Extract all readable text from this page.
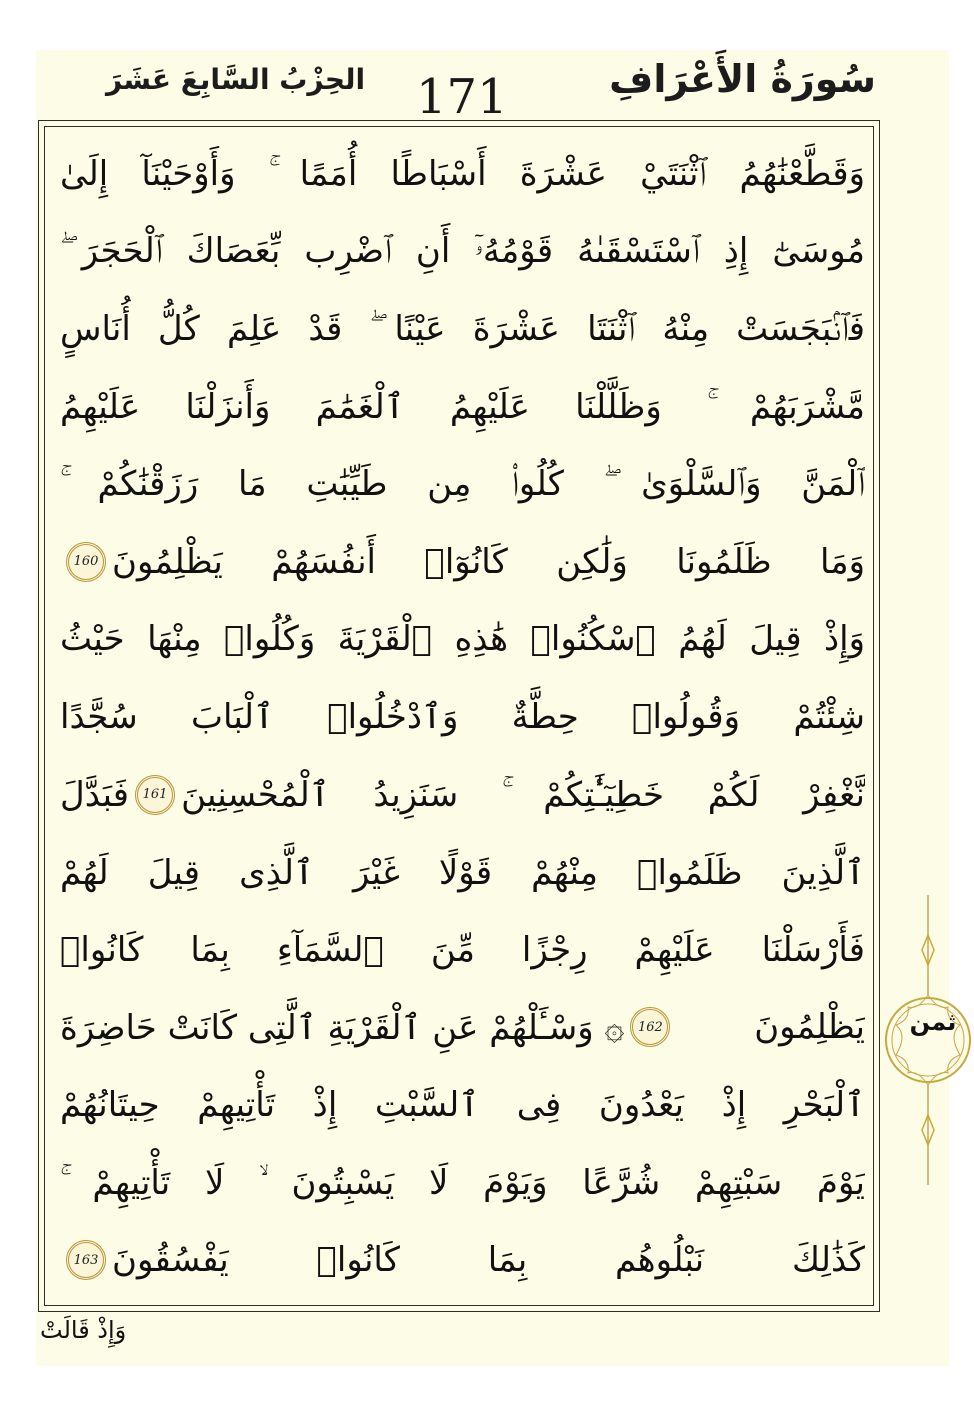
سُورَةُ الأَعْرَافِ
171
الحِزْبُ السَّابِعَ عَشَرَ
وَقَطَّعْنَٰهُمُ ٱثْنَتَيْ عَشْرَةَ أَسْبَاطًا أُمَمًا ۚ وَأَوْحَيْنَآ إِلَىٰ
مُوسَىٰٓ إِذِ ٱسْتَسْقَىٰهُ قَوْمُهُۥٓ أَنِ ٱضْرِب بِّعَصَاكَ ٱلْحَجَرَ ۖ
فَٱنۢبَجَسَتْ مِنْهُ ٱثْنَتَا عَشْرَةَ عَيْنًا ۖ قَدْ عَلِمَ كُلُّ أُنَاسٍ
مَّشْرَبَهُمْ ۚ وَظَلَّلْنَا عَلَيْهِمُ ٱلْغَمَٰمَ وَأَنزَلْنَا عَلَيْهِمُ
ٱلْمَنَّ وَٱلسَّلْوَىٰ ۖ كُلُوا۟ مِن طَيِّبَٰتِ مَا رَزَقْنَٰكُمْ ۚ
وَمَا ظَلَمُونَا وَلَٰكِن كَانُوٓا۟ أَنفُسَهُمْ يَظْلِمُونَ
160
وَإِذْ قِيلَ لَهُمُ ٱسْكُنُوا۟ هَٰذِهِ ٱلْقَرْيَةَ وَكُلُوا۟ مِنْهَا حَيْثُ
شِئْتُمْ وَقُولُوا۟ حِطَّةٌ وَٱدْخُلُوا۟ ٱلْبَابَ سُجَّدًا
نَّغْفِرْ لَكُمْ خَطِيٓـَٰٔتِكُمْ ۚ سَنَزِيدُ ٱلْمُحْسِنِينَ
161
فَبَدَّلَ
ٱلَّذِينَ ظَلَمُوا۟ مِنْهُمْ قَوْلًا غَيْرَ ٱلَّذِى قِيلَ لَهُمْ
فَأَرْسَلْنَا عَلَيْهِمْ رِجْزًا مِّنَ ٱلسَّمَآءِ بِمَا كَانُوا۟
يَظْلِمُونَ
162
۞ وَسْـَٔلْهُمْ عَنِ ٱلْقَرْيَةِ ٱلَّتِى كَانَتْ حَاضِرَةَ
ٱلْبَحْرِ إِذْ يَعْدُونَ فِى ٱلسَّبْتِ إِذْ تَأْتِيهِمْ حِيتَانُهُمْ
يَوْمَ سَبْتِهِمْ شُرَّعًا وَيَوْمَ لَا يَسْبِتُونَ ۙ لَا تَأْتِيهِمْ ۚ
كَذَٰلِكَ نَبْلُوهُم بِمَا كَانُوا۟ يَفْسُقُونَ
163
ثمن
وَإِذْ قَالَتْ
